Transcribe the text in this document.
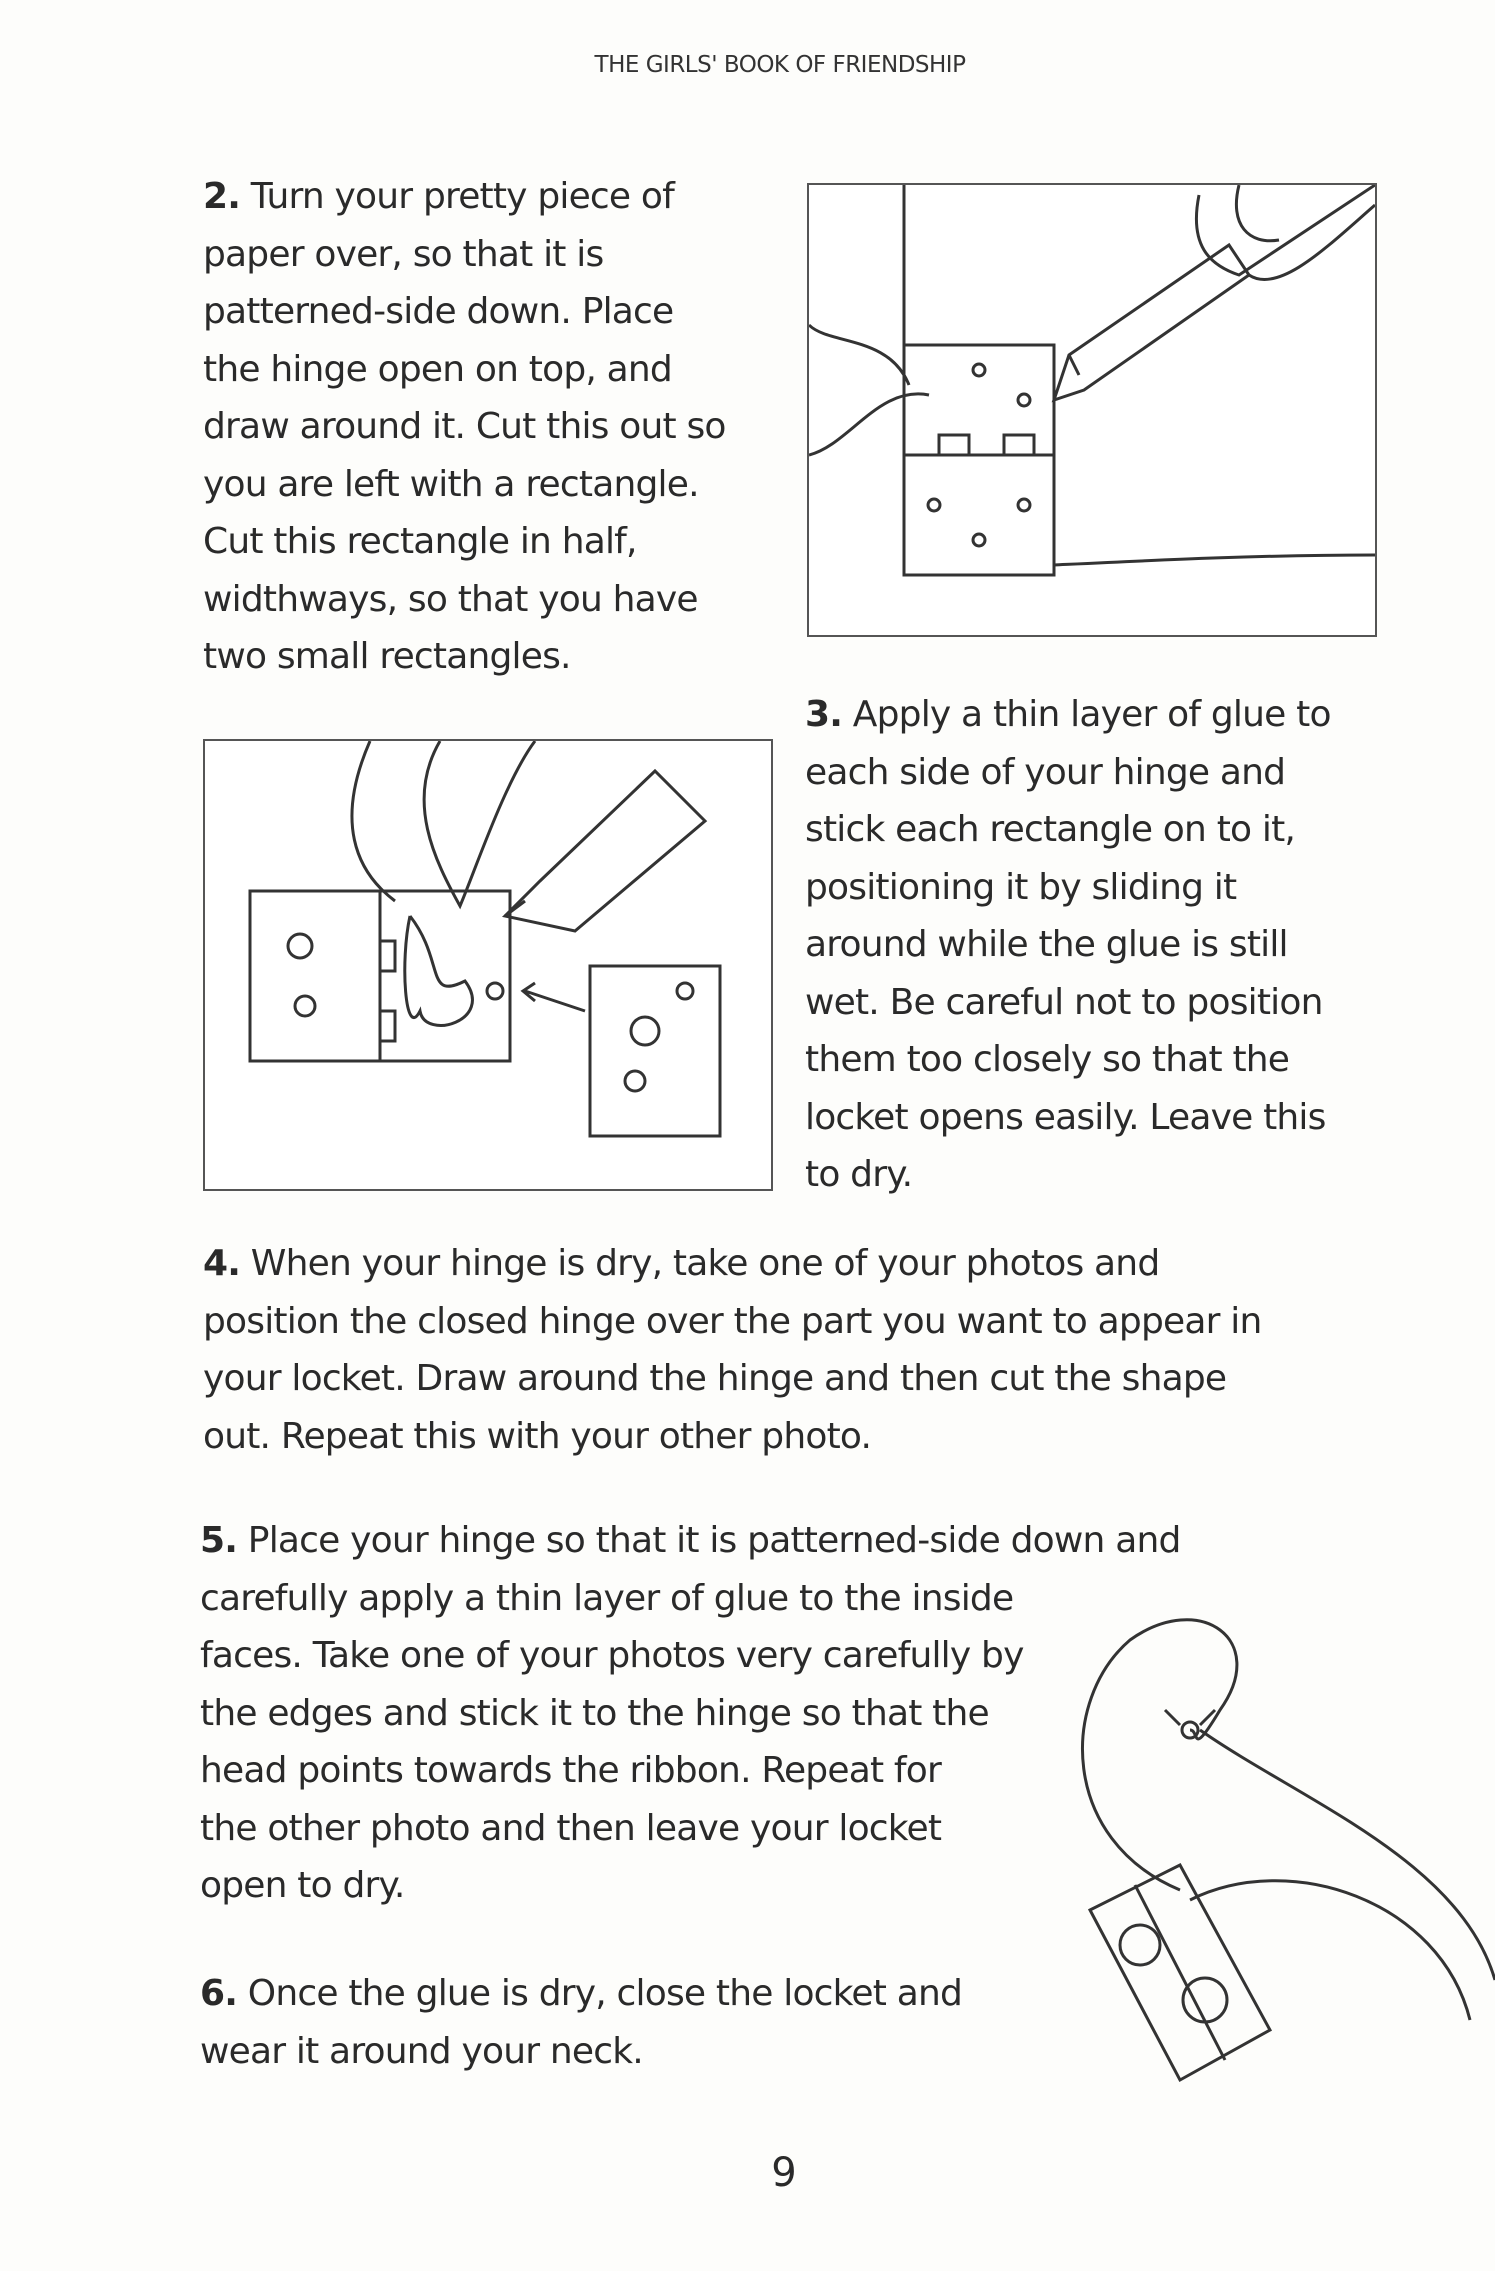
THE GIRLS' BOOK OF FRIENDSHIP
2. Turn your pretty piece of
paper over, so that it is
patterned-side down. Place
the hinge open on top, and
draw around it. Cut this out so
you are left with a rectangle.
Cut this rectangle in half,
widthways, so that you have
two small rectangles.
3. Apply a thin layer of glue to
each side of your hinge and
stick each rectangle on to it,
positioning it by sliding it
around while the glue is still
wet. Be careful not to position
them too closely so that the
locket opens easily. Leave this
to dry.
4. When your hinge is dry, take one of your photos and
position the closed hinge over the part you want to appear in
your locket. Draw around the hinge and then cut the shape
out. Repeat this with your other photo.
5. Place your hinge so that it is patterned-side down and
carefully apply a thin layer of glue to the inside
faces. Take one of your photos very carefully by
the edges and stick it to the hinge so that the
head points towards the ribbon. Repeat for
the other photo and then leave your locket
open to dry.
6. Once the glue is dry, close the locket and
wear it around your neck.
9
